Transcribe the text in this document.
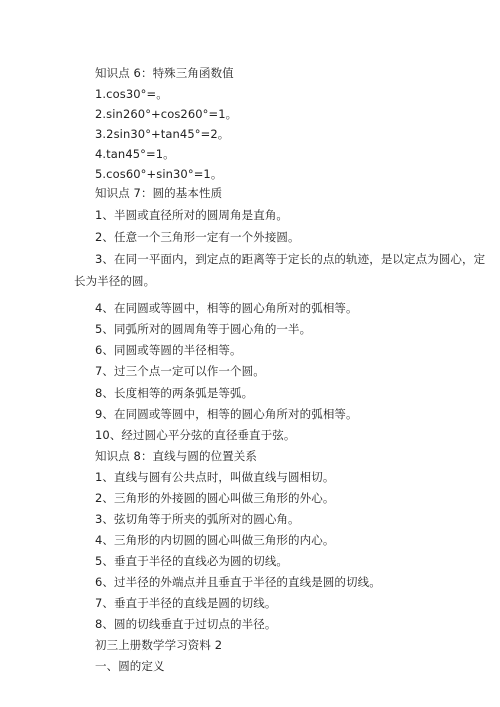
知识点 6：特殊三角函数值
1.cos30°=。
2.sin260°+cos260°=1。
3.2sin30°+tan45°=2。
4.tan45°=1。
5.cos60°+sin30°=1。
知识点 7：圆的基本性质
1、半圆或直径所对的圆周角是直角。
2、任意一个三角形一定有一个外接圆。
3、在同一平面内，到定点的距离等于定长的点的轨迹，是以定点为圆心，定长为半径的圆。
4、在同圆或等圆中，相等的圆心角所对的弧相等。
5、同弧所对的圆周角等于圆心角的一半。
6、同圆或等圆的半径相等。
7、过三个点一定可以作一个圆。
8、长度相等的两条弧是等弧。
9、在同圆或等圆中，相等的圆心角所对的弧相等。
10、经过圆心平分弦的直径垂直于弦。
知识点 8：直线与圆的位置关系
1、直线与圆有公共点时，叫做直线与圆相切。
2、三角形的外接圆的圆心叫做三角形的外心。
3、弦切角等于所夹的弧所对的圆心角。
4、三角形的内切圆的圆心叫做三角形的内心。
5、垂直于半径的直线必为圆的切线。
6、过半径的外端点并且垂直于半径的直线是圆的切线。
7、垂直于半径的直线是圆的切线。
8、圆的切线垂直于过切点的半径。
初三上册数学学习资料 2
一、圆的定义
